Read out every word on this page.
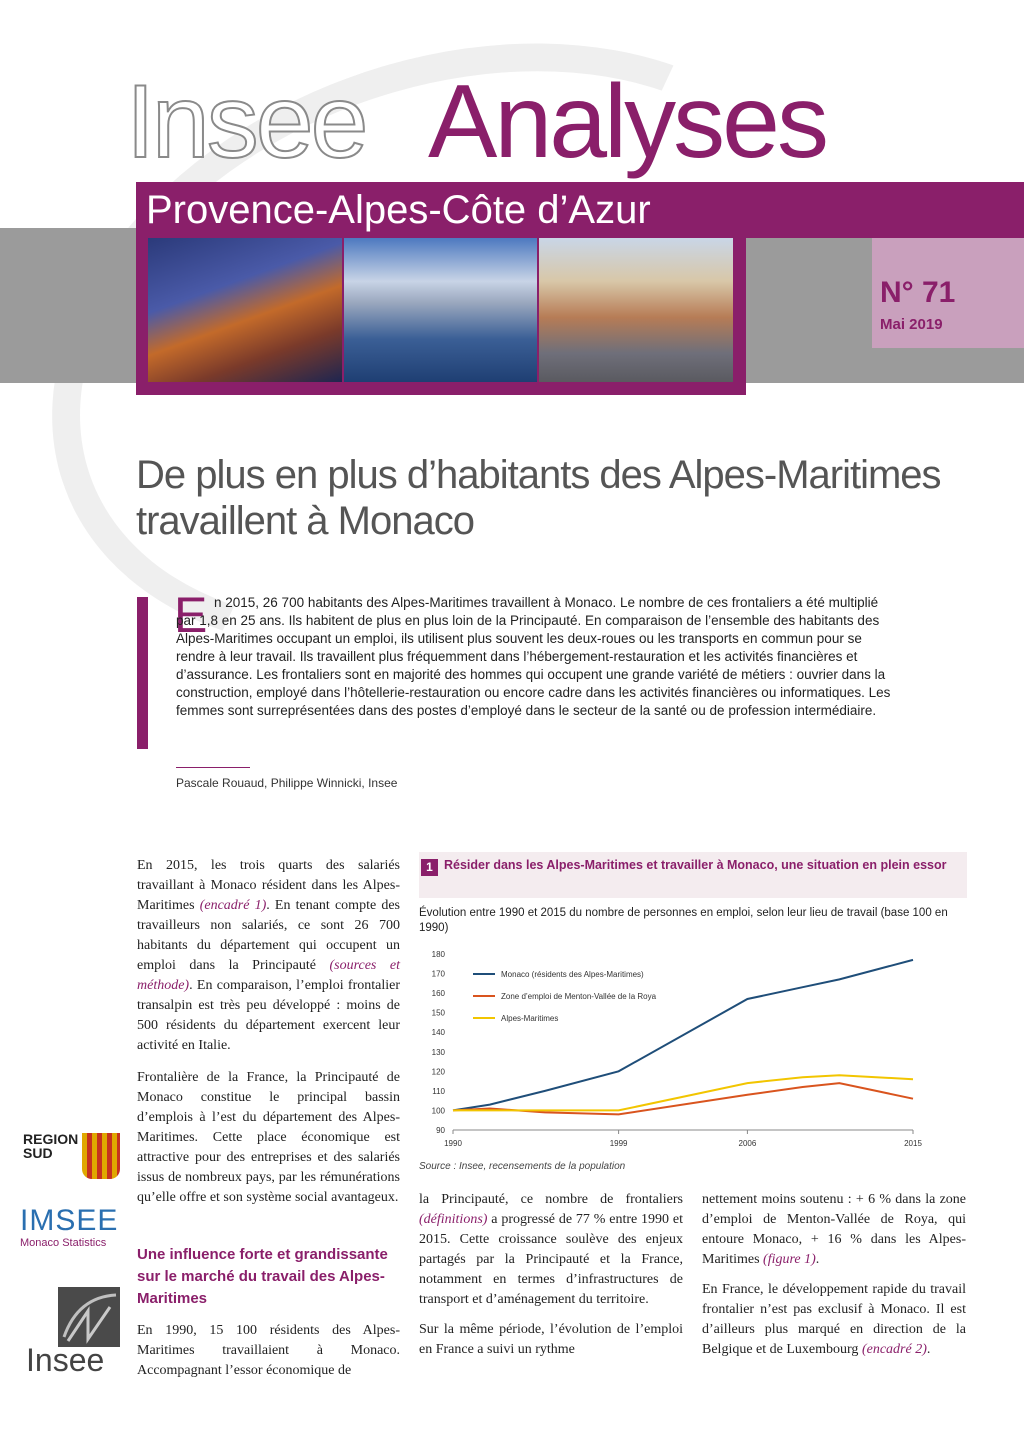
Insee Analyses
Provence-Alpes-Côte d’Azur
N° 71
Mai 2019
De plus en plus d’habitants des Alpes-Maritimes travaillent à Monaco
E n 2015, 26 700 habitants des Alpes-Maritimes travaillent à Monaco. Le nombre de ces frontaliers a été multiplié par 1,8 en 25 ans. Ils habitent de plus en plus loin de la Principauté. En comparaison de l’ensemble des habitants des Alpes-Maritimes occupant un emploi, ils utilisent plus souvent les deux-roues ou les transports en commun pour se rendre à leur travail. Ils travaillent plus fréquemment dans l’hébergement-restauration et les activités financières et d’assurance. Les frontaliers sont en majorité des hommes qui occupent une grande variété de métiers : ouvrier dans la construction, employé dans l’hôtellerie-restauration ou encore cadre dans les activités financières ou informatiques. Les femmes sont surreprésentées dans des postes d’employé dans le secteur de la santé ou de profession intermédiaire.
Pascale Rouaud, Philippe Winnicki, Insee
En 2015, les trois quarts des salariés travaillant à Monaco résident dans les Alpes-Maritimes (encadré 1). En tenant compte des travailleurs non salariés, ce sont 26 700 habitants du département qui occupent un emploi dans la Principauté (sources et méthode). En comparaison, l’emploi frontalier transalpin est très peu développé : moins de 500 résidents du département exercent leur activité en Italie.
Frontalière de la France, la Principauté de Monaco constitue le principal bassin d’emplois à l’est du département des Alpes-Maritimes. Cette place économique est attractive pour des entreprises et des salariés issus de nombreux pays, par les rémunérations qu’elle offre et son système social avantageux.
Une influence forte et grandissante sur le marché du travail des Alpes-Maritimes
En 1990, 15 100 résidents des Alpes-Maritimes travaillaient à Monaco. Accompagnant l’essor économique de

la Principauté, ce nombre de frontaliers (définitions) a progressé de 77 % entre 1990 et 2015. Cette croissance soulève des enjeux partagés par la Principauté et la France, notamment en termes d’infrastructures de transport et d’aménagement du territoire.

Sur la même période, l’évolution de l’emploi en France a suivi un rythme

nettement moins soutenu : + 6 % dans la zone d’emploi de Menton-Vallée de Roya, qui entoure Monaco, + 16 % dans les Alpes-Maritimes (figure 1).

En France, le développement rapide du travail frontalier n’est pas exclusif à Monaco. Il est d’ailleurs plus marqué en direction de la Belgique et de Luxembourg (encadré 2).

1 Résider dans les Alpes-Maritimes et travailler à Monaco, une situation en plein essor
Évolution entre 1990 et 2015 du nombre de personnes en emploi, selon leur lieu de travail (base 100 en 1990)
90
100
110
120
130
140
150
160
170
180
1990	1999	2006	2015
Monaco (résidents des Alpes-Maritimes)
Zone d’emploi de Menton-Vallée de la Roya
Alpes-Maritimes
Source : Insee, recensements de la population
REGION SUD
IMSEE
Monaco Statistics
Insee
